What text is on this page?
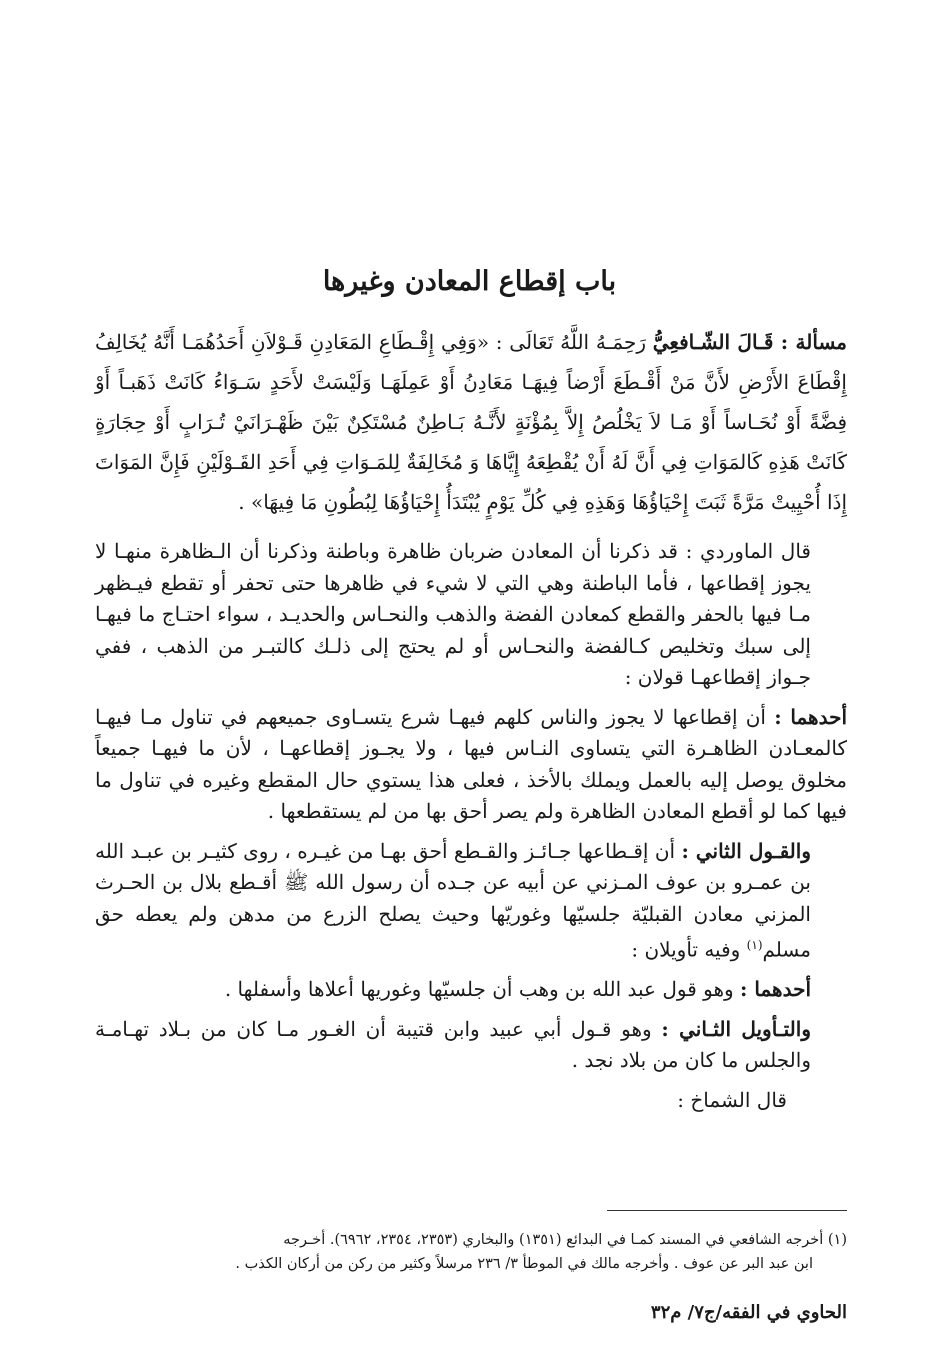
باب إقطاع المعادن وغيرها

مسألة : قَـالَ الشّـافعِيُّ رَحِمَـهُ اللَّهُ تَعَالَى : «وَفِي إِقْـطَاعِ المَعَادِنِ قَـوْلاَنِ أَحَدُهُمَـا أَنَّهُ يُخَالِفُ إِقْطَاعَ الأَرْضِ لأَنَّ مَنْ أَقْـطَعَ أَرْضاً فِيهَـا مَعَادِنُ أَوْ عَمِلَهَـا وَلَيْسَتْ لأَحَدٍ سَـوَاءُ كَانَتْ ذَهَبـاً أَوْ فِضَّةً أَوْ نُحَـاساً أَوْ مَـا لاَ يَخْلُصُ إِلاَّ بِمُؤْنَةٍ لأَنَّـهُ بَـاطِنٌ مُسْتَكِنٌ بَيْنَ ظَهْـرَانَيْ تُـرَابٍ أَوْ حِجَارَةٍ كَانَتْ هَذِهِ كَالمَوَاتِ فِي أَنَّ لَهُ أَنْ يُقْطِعَهُ إِيَّاهَا وَ مُخَالِفَةٌ لِلمَـوَاتِ فِي أَحَدِ القَـوْلَيْنِ فَإِنَّ المَوَاتَ إِذَا أُحْيِيتْ مَرَّةً ثَبَتَ إِحْيَاؤُهَا وَهَذِهِ فِي كُلِّ يَوْمٍ يُبْتَدَأُ إِحْيَاؤُهَا لِبُطُونِ مَا فِيهَا» .

قال الماوردي : قد ذكرنا أن المعادن ضربان ظاهرة وباطنة وذكرنا أن الـظاهرة منهـا لا يجوز إقطاعها ، فأما الباطنة وهي التي لا شيء في ظاهرها حتى تحفر أو تقطع فيـظهر مـا فيها بالحفر والقطع كمعادن الفضة والذهب والنحـاس والحديـد ، سواء احتـاج ما فيهـا إلى سبك وتخليص كـالفضة والنحـاس أو لم يحتج إلى ذلـك كالتبـر من الذهب ، ففي جـواز إقطاعهـا قولان :

أحدهما : أن إقطاعها لا يجوز والناس كلهم فيهـا شرع يتسـاوى جميعهم في تناول مـا فيهـا كالمعـادن الظاهـرة التي يتساوى النـاس فيها ، ولا يجـوز إقطاعهـا ، لأن ما فيهـا جميعاً مخلوق يوصل إليه بالعمل ويملك بالأخذ ، فعلى هذا يستوي حال المقطع وغيره في تناول ما فيها كما لو أقطع المعادن الظاهرة ولم يصر أحق بها من لم يستقطعها .

والقـول الثاني : أن إقـطاعها جـائـز والقـطع أحق بهـا من غيـره ، روى كثيـر بن عبـد الله بن عمـرو بن عوف المـزني عن أبيه عن جـده أن رسول الله ﷺ أقـطع بلال بن الحـرث المزني معادن القبليّة جلسيّها وغوريّها وحيث يصلح الزرع من مدهن ولم يعطه حق مسلم$^{(١)}$ وفيه تأويلان :

أحدهما : وهو قول عبد الله بن وهب أن جلسيّها وغوريها أعلاها وأسفلها .

والتـأويل الثـاني : وهو قـول أبي عبيد وابن قتيبة أن الغـور مـا كان من بـلاد تهـامـة والجلس ما كان من بلاد نجد .

قال الشماخ :

(١) أخرجه الشافعي في المسند كمـا في البدائع (١٣٥١) والبخاري (٢٣٥٣، ٢٣٥٤، ٦٩٦٢). أخـرجه

ابن عبد البر عن عوف . وأخرجه مالك في الموطأ ٣/ ٢٣٦ مرسلاً وكثير من ركن من أركان الكذب .

الحاوي في الفقه/ج٧/ م٣٢
